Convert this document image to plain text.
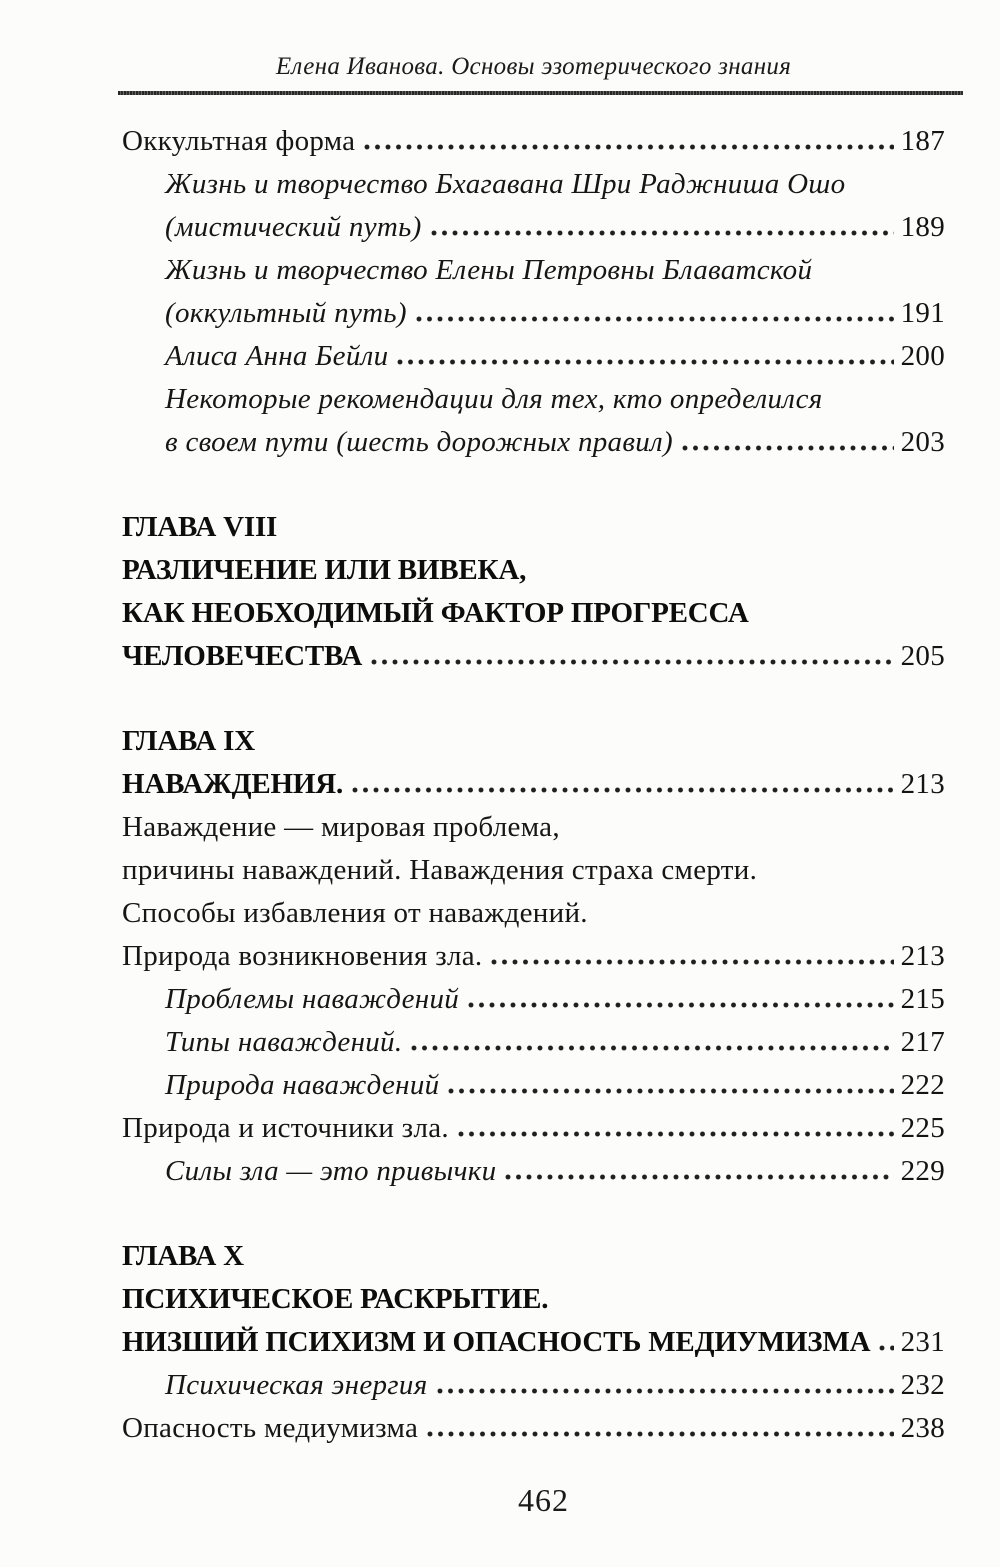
Елена Иванова. Основы эзотерического знания
Оккультная форма	187
Жизнь и творчество Бхагавана Шри Раджниша Ошо
(мистический путь)	189
Жизнь и творчество Елены Петровны Блаватской
(оккультный путь)	191
Алиса Анна Бейли	200
Некоторые рекомендации для тех, кто определился
в своем пути (шесть дорожных правил)	203
ГЛАВА VIII
РАЗЛИЧЕНИЕ ИЛИ ВИВЕКА,
КАК НЕОБХОДИМЫЙ ФАКТОР ПРОГРЕССА
ЧЕЛОВЕЧЕСТВА	205
ГЛАВА IX
НАВАЖДЕНИЯ.	213
Наваждение — мировая проблема,
причины наваждений. Наваждения страха смерти.
Способы избавления от наваждений.
Природа возникновения зла.	213
Проблемы наваждений	215
Типы наваждений.	217
Природа наваждений	222
Природа и источники зла.	225
Силы зла — это привычки	229
ГЛАВА X
ПСИХИЧЕСКОЕ РАСКРЫТИЕ.
НИЗШИЙ ПСИХИЗМ И ОПАСНОСТЬ МЕДИУМИЗМА 231
Психическая энергия	232
Опасность медиумизма	238
462
